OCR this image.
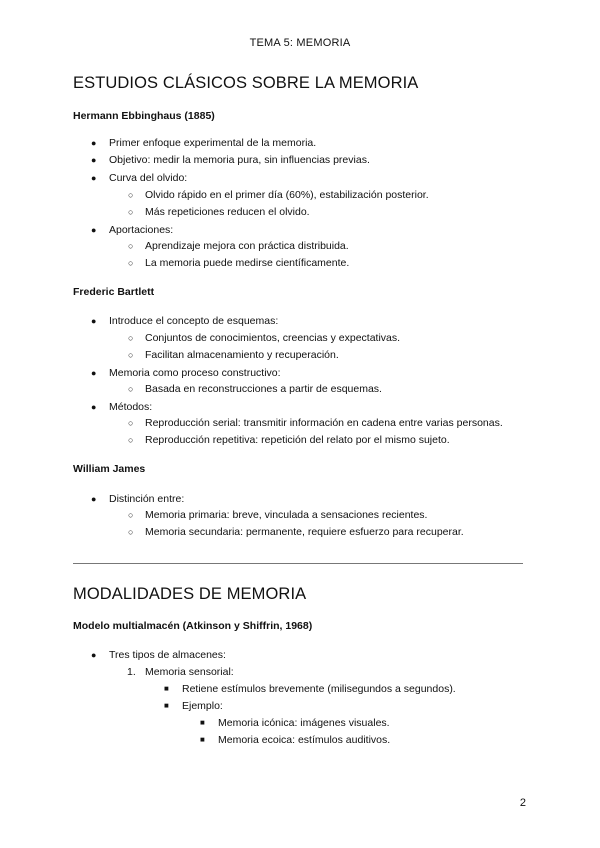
TEMA 5: MEMORIA
ESTUDIOS CLÁSICOS SOBRE LA MEMORIA
Hermann Ebbinghaus (1885)
● Primer enfoque experimental de la memoria.
● Objetivo: medir la memoria pura, sin influencias previas.
● Curva del olvido:
○ Olvido rápido en el primer día (60%), estabilización posterior.
○ Más repeticiones reducen el olvido.
● Aportaciones:
○ Aprendizaje mejora con práctica distribuida.
○ La memoria puede medirse científicamente.
Frederic Bartlett
● Introduce el concepto de esquemas:
○ Conjuntos de conocimientos, creencias y expectativas.
○ Facilitan almacenamiento y recuperación.
● Memoria como proceso constructivo:
○ Basada en reconstrucciones a partir de esquemas.
● Métodos:
○ Reproducción serial: transmitir información en cadena entre varias personas.
○ Reproducción repetitiva: repetición del relato por el mismo sujeto.
William James
● Distinción entre:
○ Memoria primaria: breve, vinculada a sensaciones recientes.
○ Memoria secundaria: permanente, requiere esfuerzo para recuperar.
MODALIDADES DE MEMORIA
Modelo multialmacén (Atkinson y Shiffrin, 1968)
● Tres tipos de almacenes:
1. Memoria sensorial:
■ Retiene estímulos brevemente (milisegundos a segundos).
■ Ejemplo:
■ Memoria icónica: imágenes visuales.
■ Memoria ecoica: estímulos auditivos.
2
